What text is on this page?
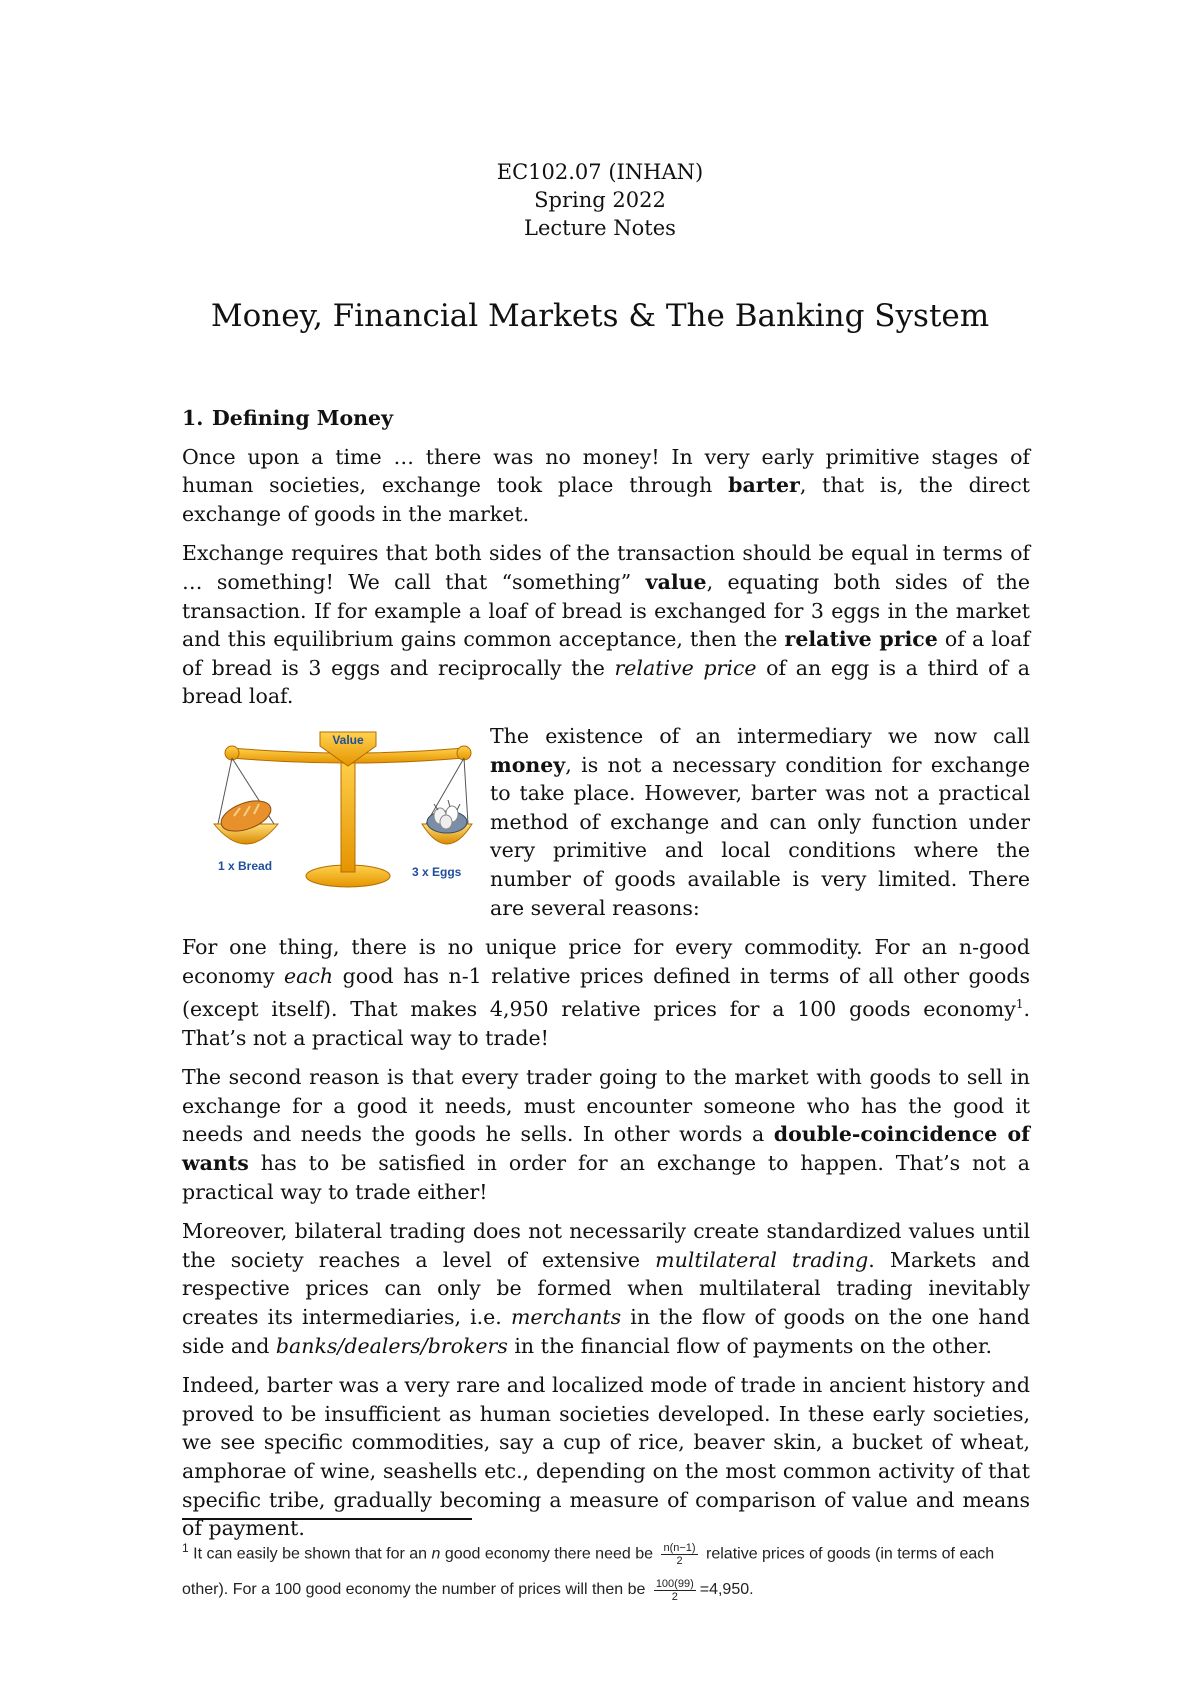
EC102.07 (INHAN)
Spring 2022
Lecture Notes
Money, Financial Markets & The Banking System
1. Defining Money

Once upon a time … there was no money! In very early primitive stages of human societies, exchange took place through barter, that is, the direct exchange of goods in the market.

Exchange requires that both sides of the transaction should be equal in terms of … something! We call that “something” value, equating both sides of the transaction. If for example a loaf of bread is exchanged for 3 eggs in the market and this equilibrium gains common acceptance, then the relative price of a loaf of bread is 3 eggs and reciprocally the relative price of an egg is a third of a bread loaf.

Value
1 x Bread	3 x Eggs

The existence of an intermediary we now call money, is not a necessary condition for exchange to take place. However, barter was not a practical method of exchange and can only function under very primitive and local conditions where the number of goods available is very limited. There are several reasons:

For one thing, there is no unique price for every commodity. For an n-good economy each good has n-1 relative prices defined in terms of all other goods (except itself). That makes 4,950 relative prices for a 100 goods economy$^1$. That’s not a practical way to trade!

The second reason is that every trader going to the market with goods to sell in exchange for a good it needs, must encounter someone who has the good it needs and needs the goods he sells. In other words a double-coincidence of wants has to be satisfied in order for an exchange to happen. That’s not a practical way to trade either!

Moreover, bilateral trading does not necessarily create standardized values until the society reaches a level of extensive multilateral trading. Markets and respective prices can only be formed when multilateral trading inevitably creates its intermediaries, i.e. merchants in the flow of goods on the one hand side and banks/dealers/brokers in the financial flow of payments on the other.

Indeed, barter was a very rare and localized mode of trade in ancient history and proved to be insufficient as human societies developed. In these early societies, we see specific commodities, say a cup of rice, beaver skin, a bucket of wheat, amphorae of wine, seashells etc., depending on the most common activity of that specific tribe, gradually becoming a measure of comparison of value and means of payment.

$^1$ It can easily be shown that for an n good economy there need be $\frac{n(n-1)}{2}$ relative prices of goods (in terms of each other). For a 100 good economy the number of prices will then be $\frac{100(99)}{2} =4,950$.
